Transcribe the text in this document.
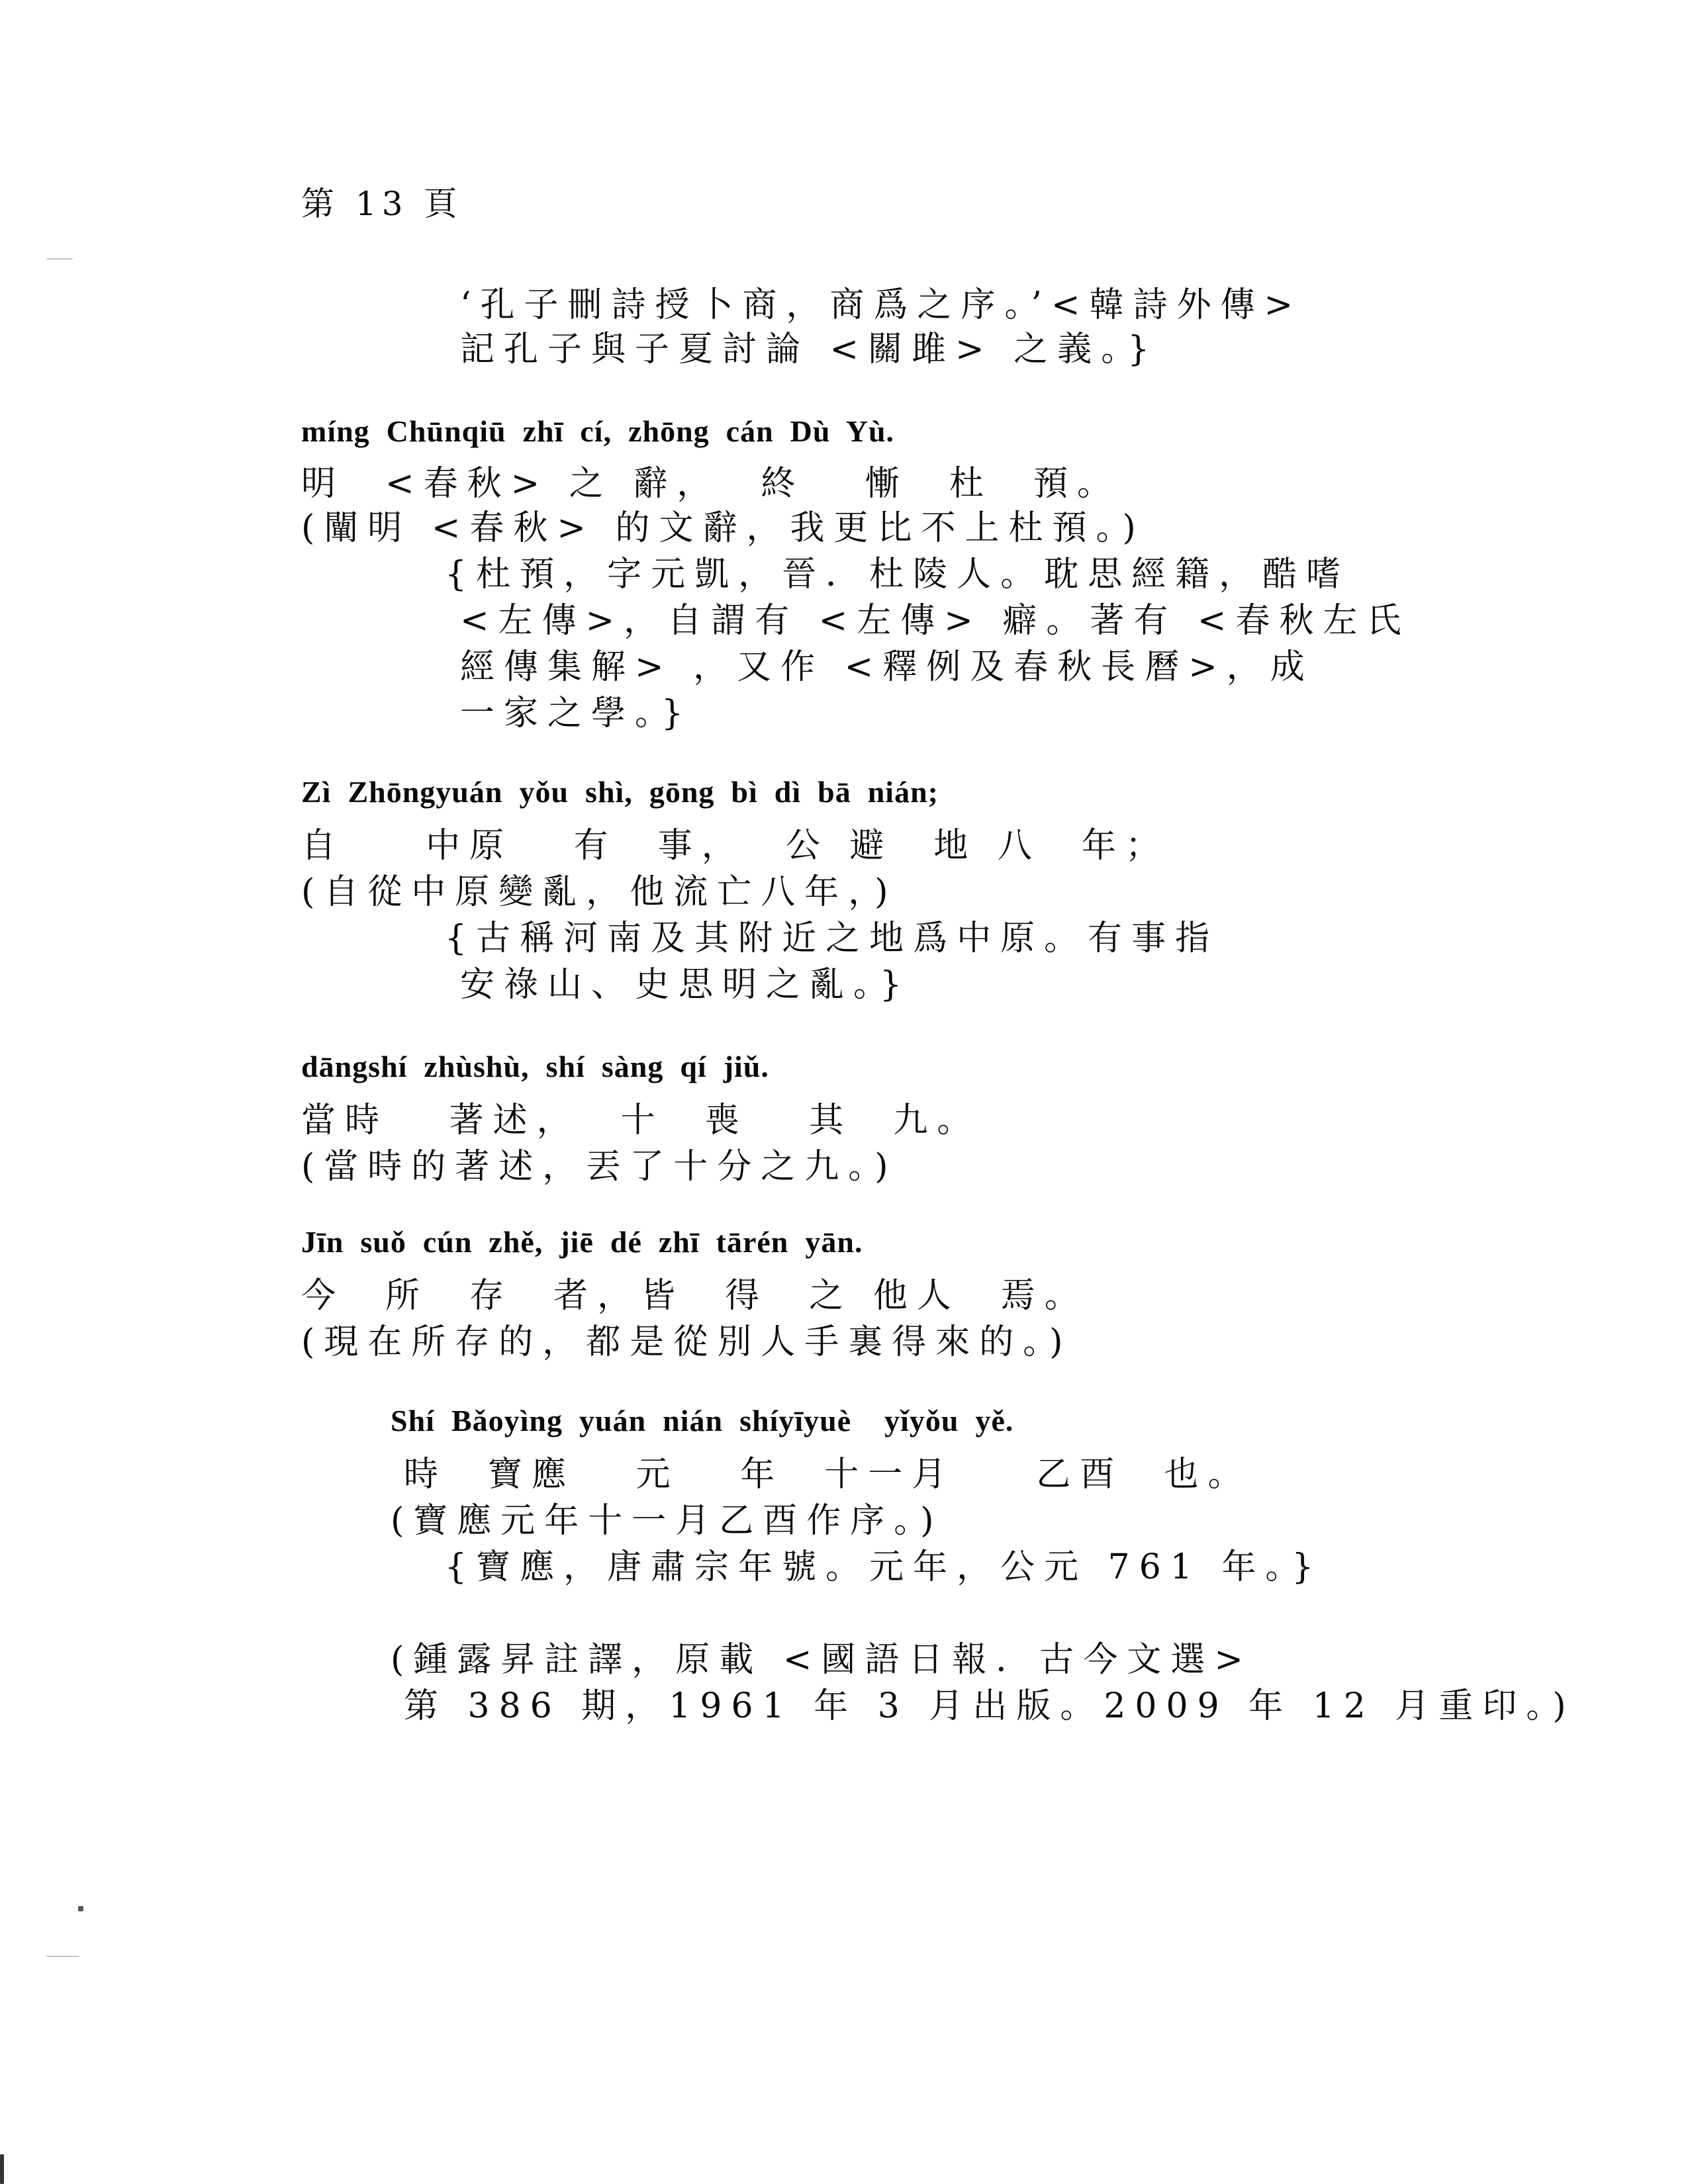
第 13 頁
‘孔子刪詩授卜商，商爲之序。’<韓詩外傳>
記孔子與子夏討論 <關雎> 之義。}
míng  Chūnqiū  zhī  cí,  zhōng  cán  Dù  Yù.
明  <春秋> 之 辭，  終   慚  杜  預。
(闡明 <春秋> 的文辭，我更比不上杜預。)
{杜預，字元凱，晉．杜陵人。耽思經籍，酷嗜
<左傳>，自謂有 <左傳> 癖。著有 <春秋左氏
經傳集解> ，又作 <釋例及春秋長曆>，成
一家之學。}
Zì  Zhōngyuán  yǒu  shì,  gōng  bì  dì  bā  nián;
自    中原   有  事，  公 避  地 八  年；
(自從中原變亂，他流亡八年，)
{古稱河南及其附近之地爲中原。有事指
安祿山、史思明之亂。}
dāngshí  zhùshù,  shí  sàng  qí  jiǔ.
當時   著述，  十  喪   其  九。
(當時的著述，丟了十分之九。)
Jīn  suǒ  cún  zhě,  jiē  dé  zhī  tārén  yān.
今  所  存  者，皆  得  之 他人  焉。
(現在所存的，都是從別人手裏得來的。)
Shí  Bǎoyìng  yuán  nián  shíyīyuè    yǐyǒu  yě.
時  寶應   元   年  十一月    乙酉  也。
(寶應元年十一月乙酉作序。)
{寶應，唐肅宗年號。元年，公元 761 年。}
(鍾露昇註譯，原載 <國語日報．古今文選>
第 386 期，1961 年 3 月出版。2009 年 12 月重印。)
